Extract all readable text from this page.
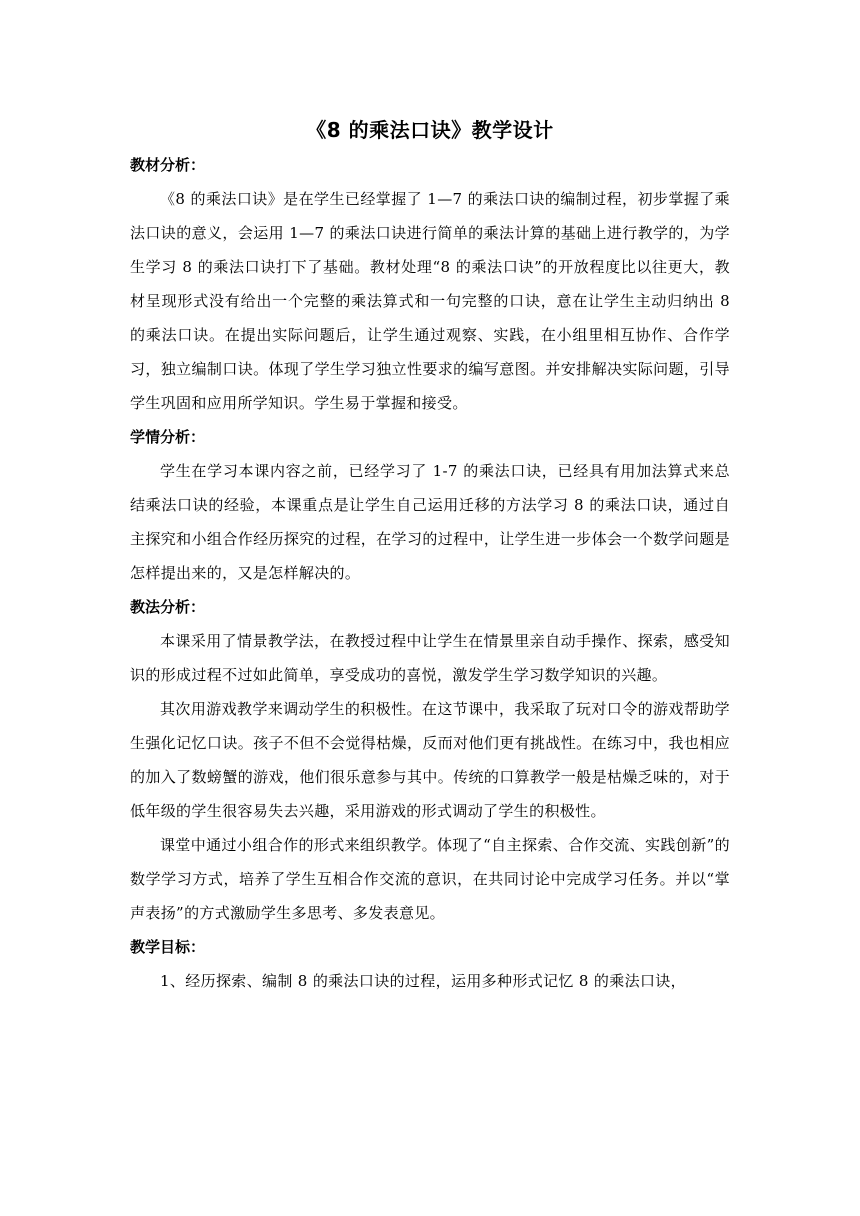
《8 的乘法口诀》教学设计
教材分析：

《8 的乘法口诀》是在学生已经掌握了 1—7 的乘法口诀的编制过程，初步掌握了乘法口诀的意义，会运用 1—7 的乘法口诀进行简单的乘法计算的基础上进行教学的，为学生学习 8 的乘法口诀打下了基础。教材处理“8 的乘法口诀”的开放程度比以往更大，教材呈现形式没有给出一个完整的乘法算式和一句完整的口诀，意在让学生主动归纳出 8 的乘法口诀。在提出实际问题后，让学生通过观察、实践，在小组里相互协作、合作学习，独立编制口诀。体现了学生学习独立性要求的编写意图。并安排解决实际问题，引导学生巩固和应用所学知识。学生易于掌握和接受。

学情分析：

学生在学习本课内容之前，已经学习了 1-7 的乘法口诀，已经具有用加法算式来总结乘法口诀的经验，本课重点是让学生自己运用迁移的方法学习 8 的乘法口诀，通过自主探究和小组合作经历探究的过程，在学习的过程中，让学生进一步体会一个数学问题是怎样提出来的，又是怎样解决的。

教法分析：

本课采用了情景教学法，在教授过程中让学生在情景里亲自动手操作、探索，感受知识的形成过程不过如此简单，享受成功的喜悦，激发学生学习数学知识的兴趣。

其次用游戏教学来调动学生的积极性。在这节课中，我采取了玩对口令的游戏帮助学生强化记忆口诀。孩子不但不会觉得枯燥，反而对他们更有挑战性。在练习中，我也相应的加入了数螃蟹的游戏，他们很乐意参与其中。传统的口算教学一般是枯燥乏味的，对于低年级的学生很容易失去兴趣，采用游戏的形式调动了学生的积极性。

课堂中通过小组合作的形式来组织教学。体现了“自主探索、合作交流、实践创新”的数学学习方式，培养了学生互相合作交流的意识，在共同讨论中完成学习任务。并以“掌声表扬”的方式激励学生多思考、多发表意见。

教学目标：

1、经历探索、编制 8 的乘法口诀的过程，运用多种形式记忆 8 的乘法口诀，
